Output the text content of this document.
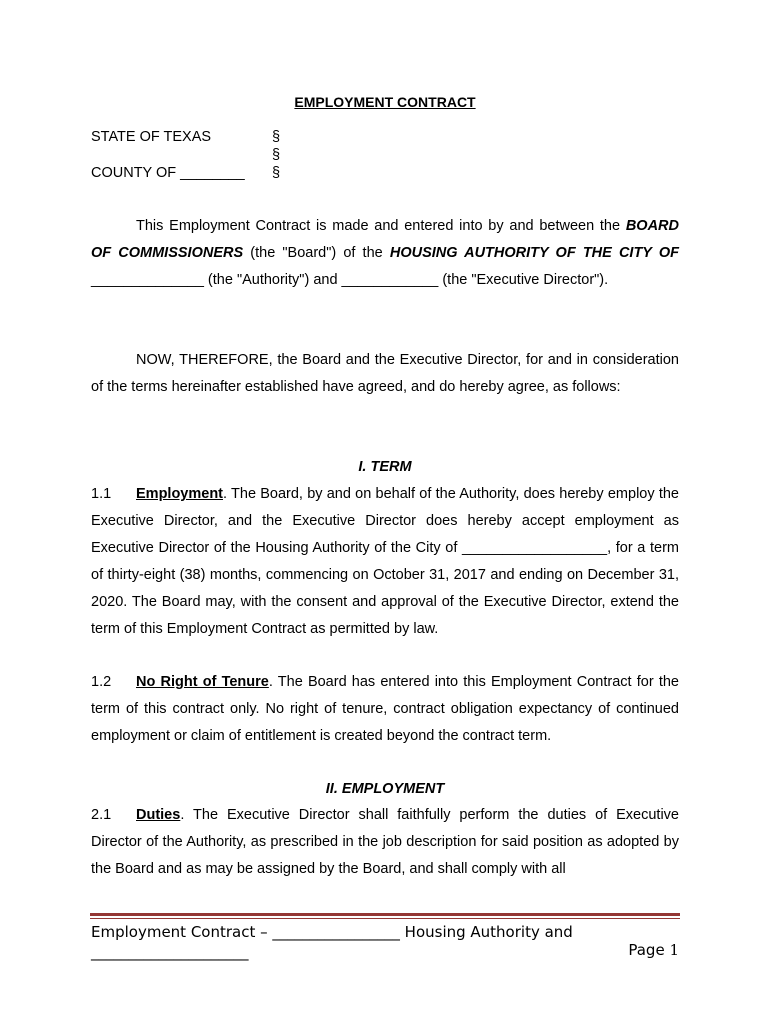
EMPLOYMENT CONTRACT
STATE OF TEXAS	§
§
COUNTY OF ________ §
This Employment Contract is made and entered into by and between the BOARD OF COMMISSIONERS (the "Board") of the HOUSING AUTHORITY OF THE CITY OF ______________ (the "Authority") and ____________ (the "Executive Director").
NOW, THEREFORE, the Board and the Executive Director, for and in consideration of the terms hereinafter established have agreed, and do hereby agree, as follows:
I. TERM
1.1 Employment. The Board, by and on behalf of the Authority, does hereby employ the Executive Director, and the Executive Director does hereby accept employment as Executive Director of the Housing Authority of the City of __________________, for a term of thirty-eight (38) months, commencing on October 31, 2017 and ending on December 31, 2020. The Board may, with the consent and approval of the Executive Director, extend the term of this Employment Contract as permitted by law.
1.2 No Right of Tenure. The Board has entered into this Employment Contract for the term of this contract only. No right of tenure, contract obligation expectancy of continued employment or claim of entitlement is created beyond the contract term.
II. EMPLOYMENT
2.1 Duties. The Executive Director shall faithfully perform the duties of Executive Director of the Authority, as prescribed in the job description for said position as adopted by the Board and as may be assigned by the Board, and shall comply with all
Employment Contract – _________________ Housing Authority and
_____________________	Page 1
